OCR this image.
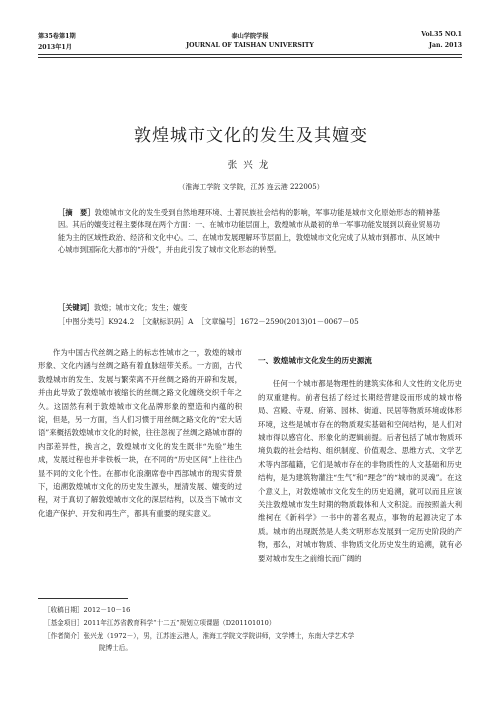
第35卷第1期	泰山学院学报	Vol.35 NO.1
2013年1月	JOURNAL OF TAISHAN UNIVERSITY	Jan. 2013
敦煌城市文化的发生及其嬗变
张兴龙
（淮海工学院 文学院，江苏 连云港 222005）
［摘　要］敦煌城市文化的发生受到自然地理环境、土著民族社会结构的影响，军事功能是城市文化原始形态的精神基因。其后的嬗变过程主要体现在两个方面：一、在城市功能层面上，敦煌城市从最初的单一军事功能发展到以商业贸易功能为主的区域性政治、经济和文化中心。二、在城市发展理解环节层面上，敦煌城市文化完成了从城市到都市、从区域中心城市到国际化大都市的“升级”，并由此引发了城市文化形态的转型。
［关键词］敦煌；城市文化；发生；嬗变
［中图分类号］K924.2　［文献标识码］A　［文章编号］1672－2590(2013)01－0067－05

作为中国古代丝绸之路上的标志性城市之一，敦煌的城市形象、文化内涵与丝绸之路有着血脉纽带关系。一方面，古代敦煌城市的发生、发展与繁荣离不开丝绸之路的开辟和发展，并由此导致了敦煌城市被缩长的丝绸之路文化缠绕交织千年之久。这固然有利于敦煌城市文化品牌形象的塑造和内蕴的积淀，但是，另一方面，当人们习惯于用丝绸之路文化的“宏大话语”来概括敦煌城市文化的时候，往往忽视了丝绸之路城市群的内部差异性，换言之，敦煌城市文化的发生既非“先验”地生成，发展过程也并非铁板一块，在不同的“历史区间”上往往凸显不同的文化个性。在都市化浪潮席卷中西部城市的现实背景下，追溯敦煌城市文化的历史发生源头，厘清发展、嬗变的过程，对于真切了解敦煌城市文化的深层结构，以及当下城市文化遗产保护、开发和再生产，都具有重要的现实意义。

一、敦煌城市文化发生的历史源流

任何一个城市都是物理性的建筑实体和人文性的文化历史的双重建构。前者包括了经过长期经营建设而形成的城市格局、宫殿、寺观、府第、园林、街道、民居等物质环境或体形环境，这些是城市存在的物质观实基础和空间结构，是人们对城市得以感官化、形象化的逻辑前提。后者包括了城市物质环境负载的社会结构、组织制度、价值观念、思维方式、文学艺术等内部蕴籍，它们是城市存在的非物质性的人文基础和历史结构，是为建筑物灌注“生气”和“理念”的“城市的灵魂”。在这个意义上，对敦煌城市文化发生的历史追溯，就可以而且应该关注敦煌城市发生时期的物质载体和人文积淀。而按照盖大利维柯在《新科学》一书中的著名观点，事物的起源决定了本质。城市的出现既然是人类文明形态发展到一定历史阶段的产物，那么，对城市物质、非物质文化历史发生的追溯，就有必要对城市发生之前绵长而广阔的

［收稿日期］2012－10－16
［基金项目］2011年江苏省教育科学“十二五”规划立项课题（D201101010）
［作者简介］张兴龙（1972－），男，江苏连云港人，淮海工学院文学院讲师，文学博士，东南大学艺术学
院博士后。
